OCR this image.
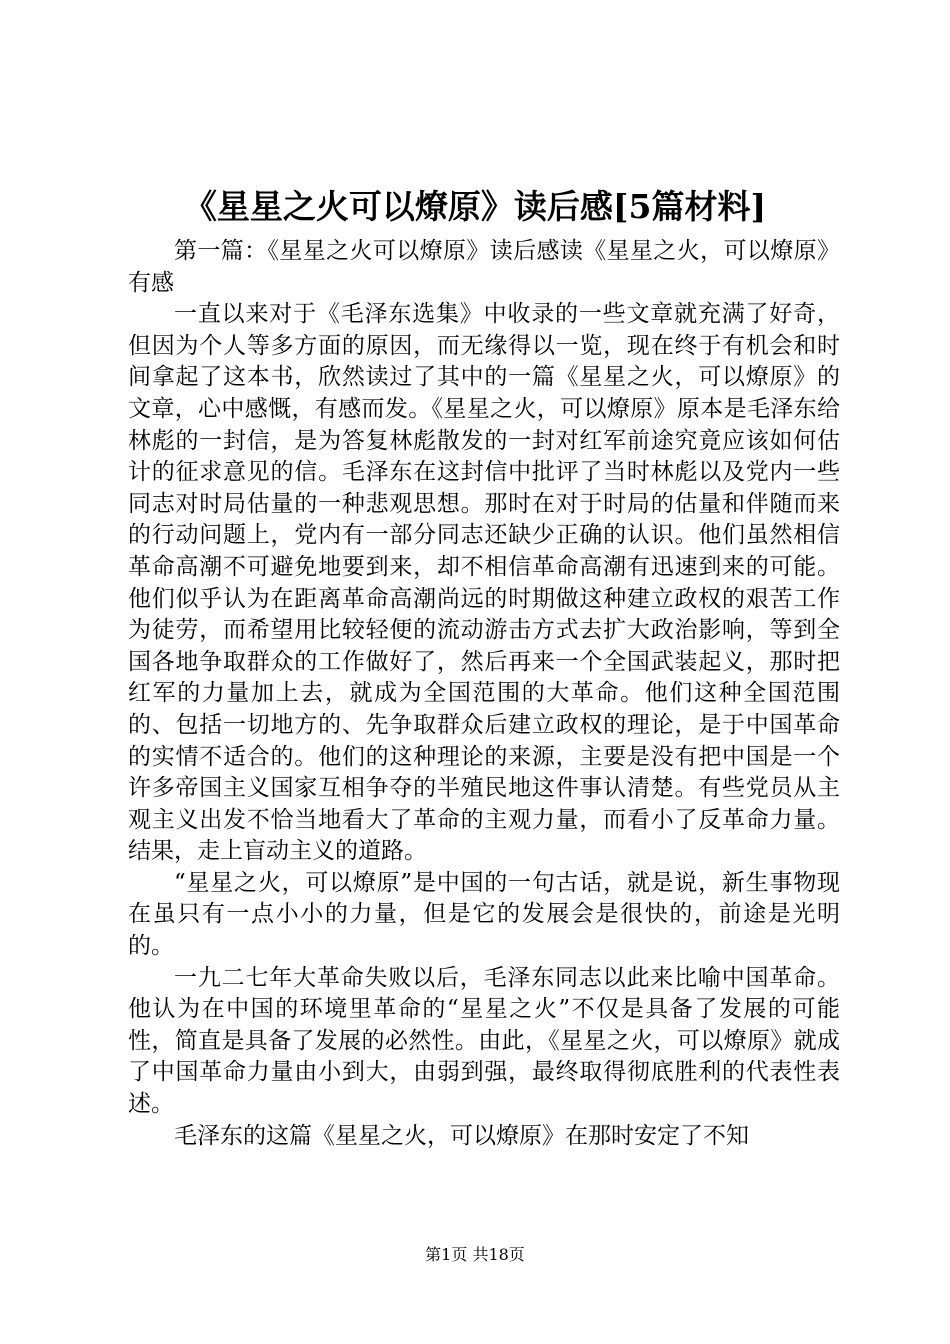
《星星之火可以燎原》读后感[5篇材料]

第一篇：《星星之火可以燎原》读后感读《星星之火，可以燎原》有感

一直以来对于《毛泽东选集》中收录的一些文章就充满了好奇，但因为个人等多方面的原因，而无缘得以一览，现在终于有机会和时间拿起了这本书，欣然读过了其中的一篇《星星之火，可以燎原》的文章，心中感慨，有感而发。《星星之火，可以燎原》原本是毛泽东给林彪的一封信，是为答复林彪散发的一封对红军前途究竟应该如何估计的征求意见的信。毛泽东在这封信中批评了当时林彪以及党内一些同志对时局估量的一种悲观思想。那时在对于时局的估量和伴随而来的行动问题上，党内有一部分同志还缺少正确的认识。他们虽然相信革命高潮不可避免地要到来，却不相信革命高潮有迅速到来的可能。他们似乎认为在距离革命高潮尚远的时期做这种建立政权的艰苦工作为徒劳，而希望用比较轻便的流动游击方式去扩大政治影响，等到全国各地争取群众的工作做好了，然后再来一个全国武装起义，那时把红军的力量加上去，就成为全国范围的大革命。他们这种全国范围的、包括一切地方的、先争取群众后建立政权的理论，是于中国革命的实情不适合的。他们的这种理论的来源，主要是没有把中国是一个许多帝国主义国家互相争夺的半殖民地这件事认清楚。有些党员从主观主义出发不恰当地看大了革命的主观力量，而看小了反革命力量。结果，走上盲动主义的道路。

“星星之火，可以燎原”是中国的一句古话，就是说，新生事物现在虽只有一点小小的力量，但是它的发展会是很快的，前途是光明的。

一九二七年大革命失败以后，毛泽东同志以此来比喻中国革命。他认为在中国的环境里革命的“星星之火”不仅是具备了发展的可能性，简直是具备了发展的必然性。由此，《星星之火，可以燎原》就成了中国革命力量由小到大，由弱到强，最终取得彻底胜利的代表性表述。

毛泽东的这篇《星星之火，可以燎原》在那时安定了不知

第1页 共18页
